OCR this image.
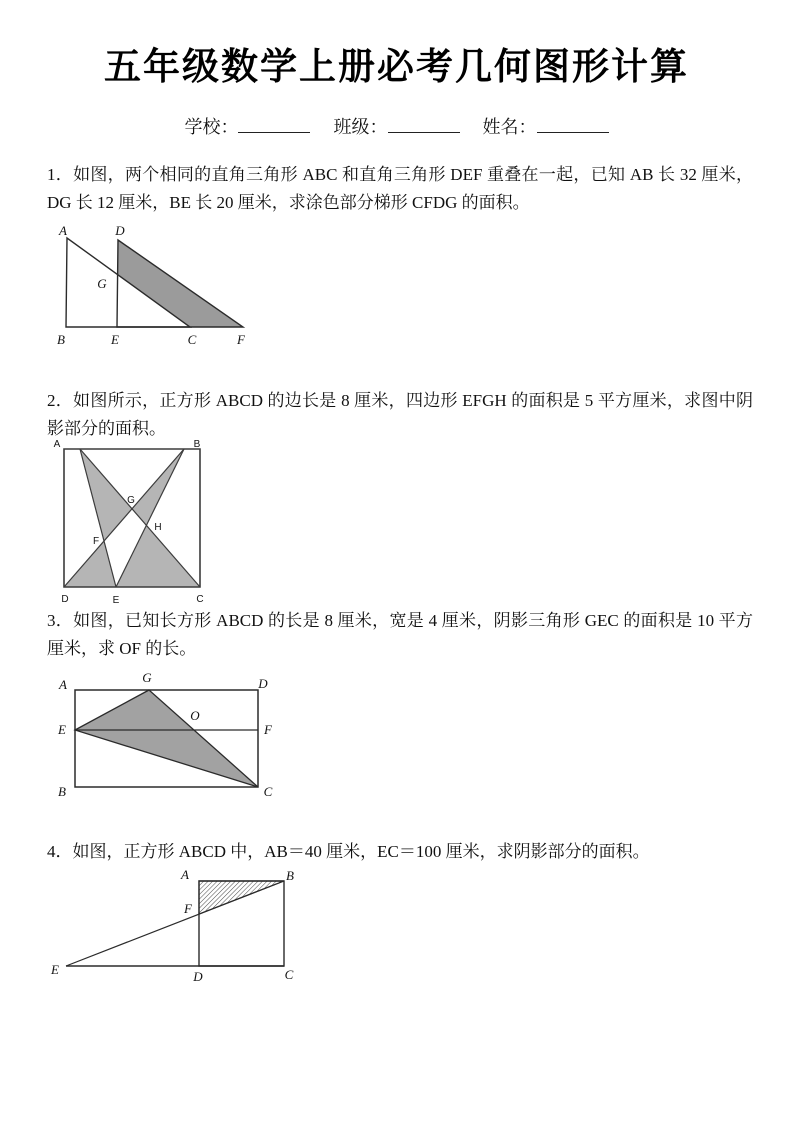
五年级数学上册必考几何图形计算
学校：	班级：	姓名：

1．如图，两个相同的直角三角形 ABC 和直角三角形 DEF 重叠在一起，已知 AB 长 32 厘米，DG 长 12 厘米，BE 长 20 厘米，求涂色部分梯形 CFDG 的面积。

A	D
G
B	E	C	F

2．如图所示，正方形 ABCD 的边长是 8 厘米，四边形 EFGH 的面积是 5 平方厘米，求图中阴影部分的面积。

A	B
G
H
F
D	E	C

3．如图，已知长方形 ABCD 的长是 8 厘米，宽是 4 厘米，阴影三角形 GEC 的面积是 10 平方厘米，求 OF 的长。

A	G	D
E
O
F
B	C

4．如图，正方形 ABCD 中，AB＝40 厘米，EC＝100 厘米，求阴影部分的面积。

A	B
F
E	D	C
